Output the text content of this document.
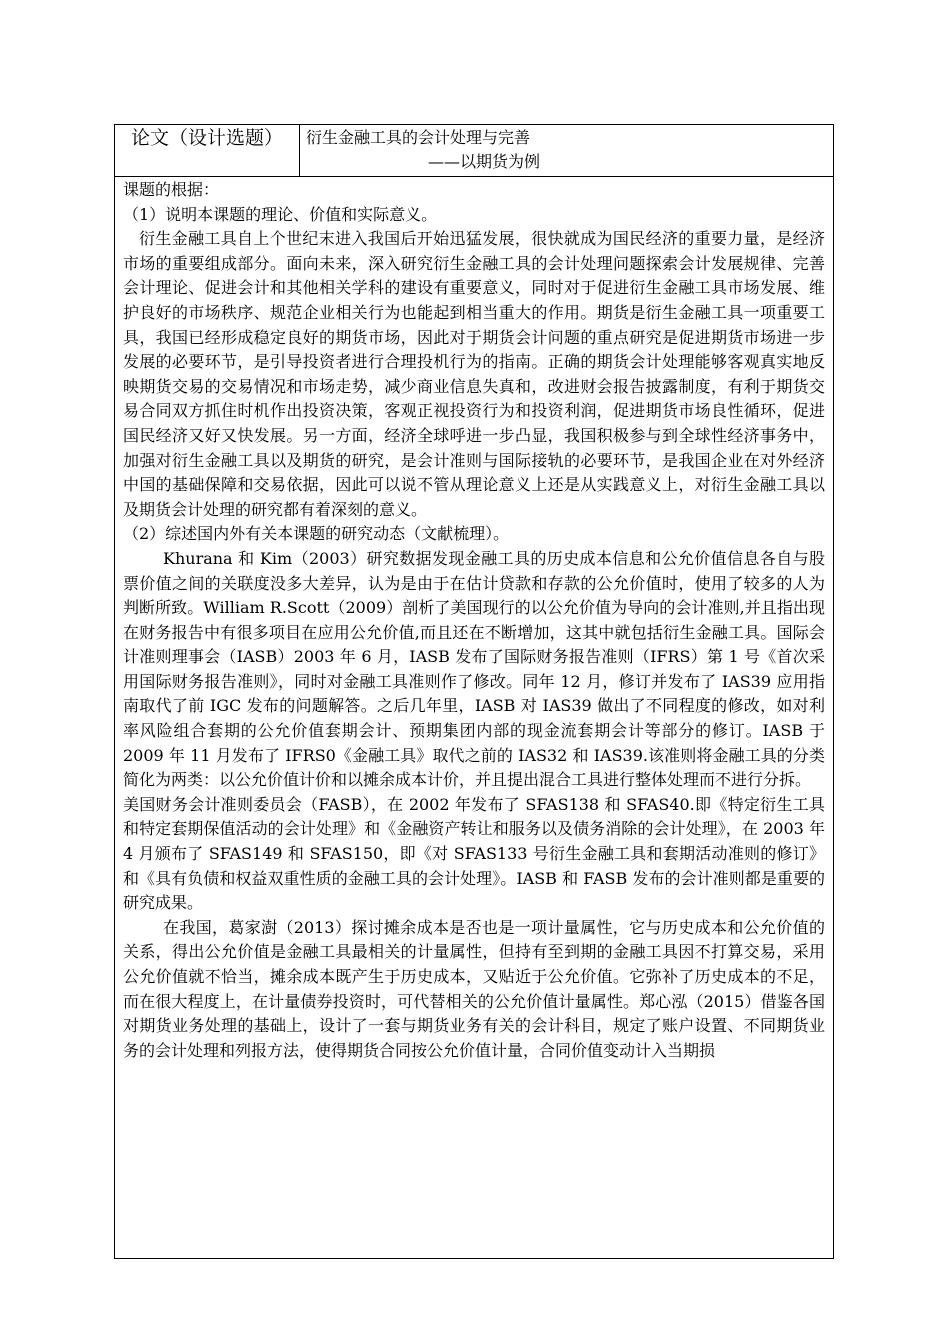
论文（设计选题）	衍生金融工具的会计处理与完善
——以期货为例

课题的根据：

（1）说明本课题的理论、价值和实际意义。

衍生金融工具自上个世纪末进入我国后开始迅猛发展，很快就成为国民经济的重要力量，是经济市场的重要组成部分。面向未来，深入研究衍生金融工具的会计处理问题探索会计发展规律、完善会计理论、促进会计和其他相关学科的建设有重要意义，同时对于促进衍生金融工具市场发展、维护良好的市场秩序、规范企业相关行为也能起到相当重大的作用。期货是衍生金融工具一项重要工具，我国已经形成稳定良好的期货市场，因此对于期货会计问题的重点研究是促进期货市场进一步发展的必要环节，是引导投资者进行合理投机行为的指南。正确的期货会计处理能够客观真实地反映期货交易的交易情况和市场走势，减少商业信息失真和，改进财会报告披露制度，有利于期货交易合同双方抓住时机作出投资决策，客观正视投资行为和投资利润，促进期货市场良性循环，促进国民经济又好又快发展。另一方面，经济全球呼进一步凸显，我国积极参与到全球性经济事务中，加强对衍生金融工具以及期货的研究，是会计准则与国际接轨的必要环节，是我国企业在对外经济中国的基础保障和交易依据，因此可以说不管从理论意义上还是从实践意义上，对衍生金融工具以及期货会计处理的研究都有着深刻的意义。

（2）综述国内外有关本课题的研究动态（文献梳理）。

Khurana 和 Kim（2003）研究数据发现金融工具的历史成本信息和公允价值信息各自与股票价值之间的关联度没多大差异，认为是由于在估计贷款和存款的公允价值时，使用了较多的人为判断所致。William R.Scott（2009）剖析了美国现行的以公允价值为导向的会计准则,并且指出现在财务报告中有很多项目在应用公允价值,而且还在不断增加，这其中就包括衍生金融工具。国际会计准则理事会（IASB）2003 年 6 月，IASB 发布了国际财务报告准则（IFRS）第 1 号《首次采用国际财务报告准则》，同时对金融工具准则作了修改。同年 12 月，修订并发布了 IAS39 应用指南取代了前 IGC 发布的问题解答。之后几年里，IASB 对 IAS39 做出了不同程度的修改，如对利率风险组合套期的公允价值套期会计、预期集团内部的现金流套期会计等部分的修订。IASB 于 2009 年 11 月发布了 IFRS0《金融工具》取代之前的 IAS32 和 IAS39.该准则将金融工具的分类简化为两类：以公允价值计价和以摊余成本计价，并且提出混合工具进行整体处理而不进行分拆。

美国财务会计准则委员会（FASB），在 2002 年发布了 SFAS138 和 SFAS40.即《特定衍生工具和特定套期保值活动的会计处理》和《金融资产转让和服务以及债务消除的会计处理》，在 2003 年 4 月颁布了 SFAS149 和 SFAS150，即《对 SFAS133 号衍生金融工具和套期活动准则的修订》和《具有负债和权益双重性质的金融工具的会计处理》。IASB 和 FASB 发布的会计准则都是重要的研究成果。

在我国，葛家澍（2013）探讨摊余成本是否也是一项计量属性，它与历史成本和公允价值的关系，得出公允价值是金融工具最相关的计量属性，但持有至到期的金融工具因不打算交易，采用公允价值就不恰当，摊余成本既产生于历史成本，又贴近于公允价值。它弥补了历史成本的不足，而在很大程度上，在计量债券投资时，可代替相关的公允价值计量属性。郑心泓（2015）借鉴各国对期货业务处理的基础上，设计了一套与期货业务有关的会计科目，规定了账户设置、不同期货业务的会计处理和列报方法，使得期货合同按公允价值计量，合同价值变动计入当期损
